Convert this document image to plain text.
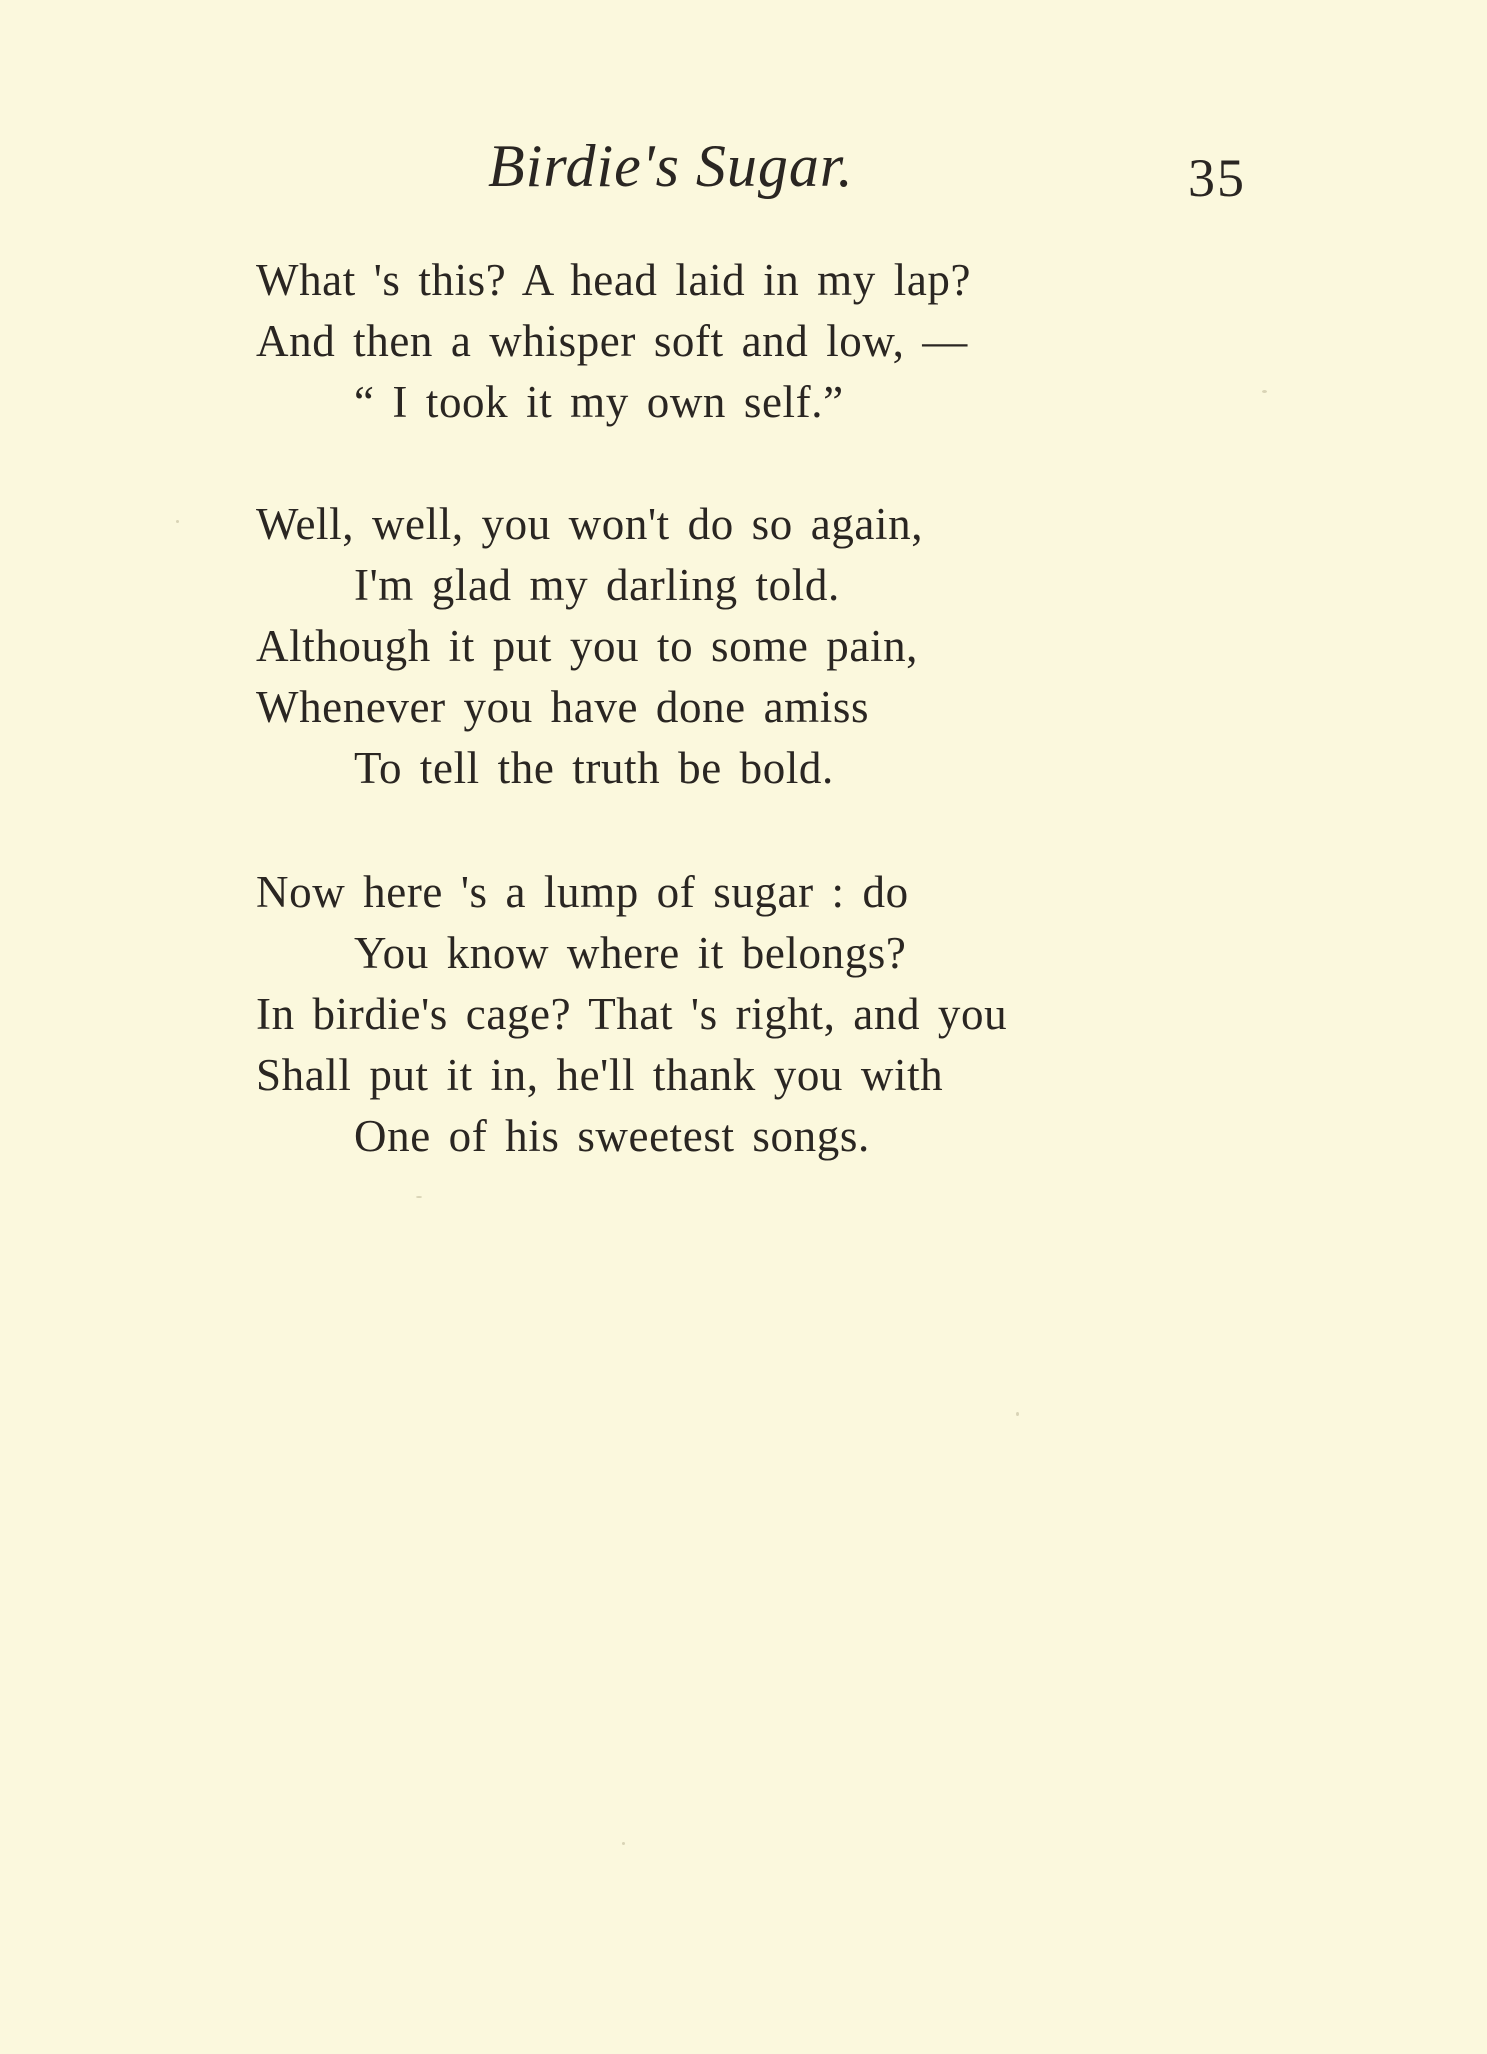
Birdie's Sugar.	35
What 's this? A head laid in my lap?
And then a whisper soft and low, —
“ I took it my own self.”
Well, well, you won't do so again,
I'm glad my darling told.
Although it put you to some pain,
Whenever you have done amiss
To tell the truth be bold.
Now here 's a lump of sugar : do
You know where it belongs?
In birdie's cage? That 's right, and you
Shall put it in, he'll thank you with
One of his sweetest songs.
